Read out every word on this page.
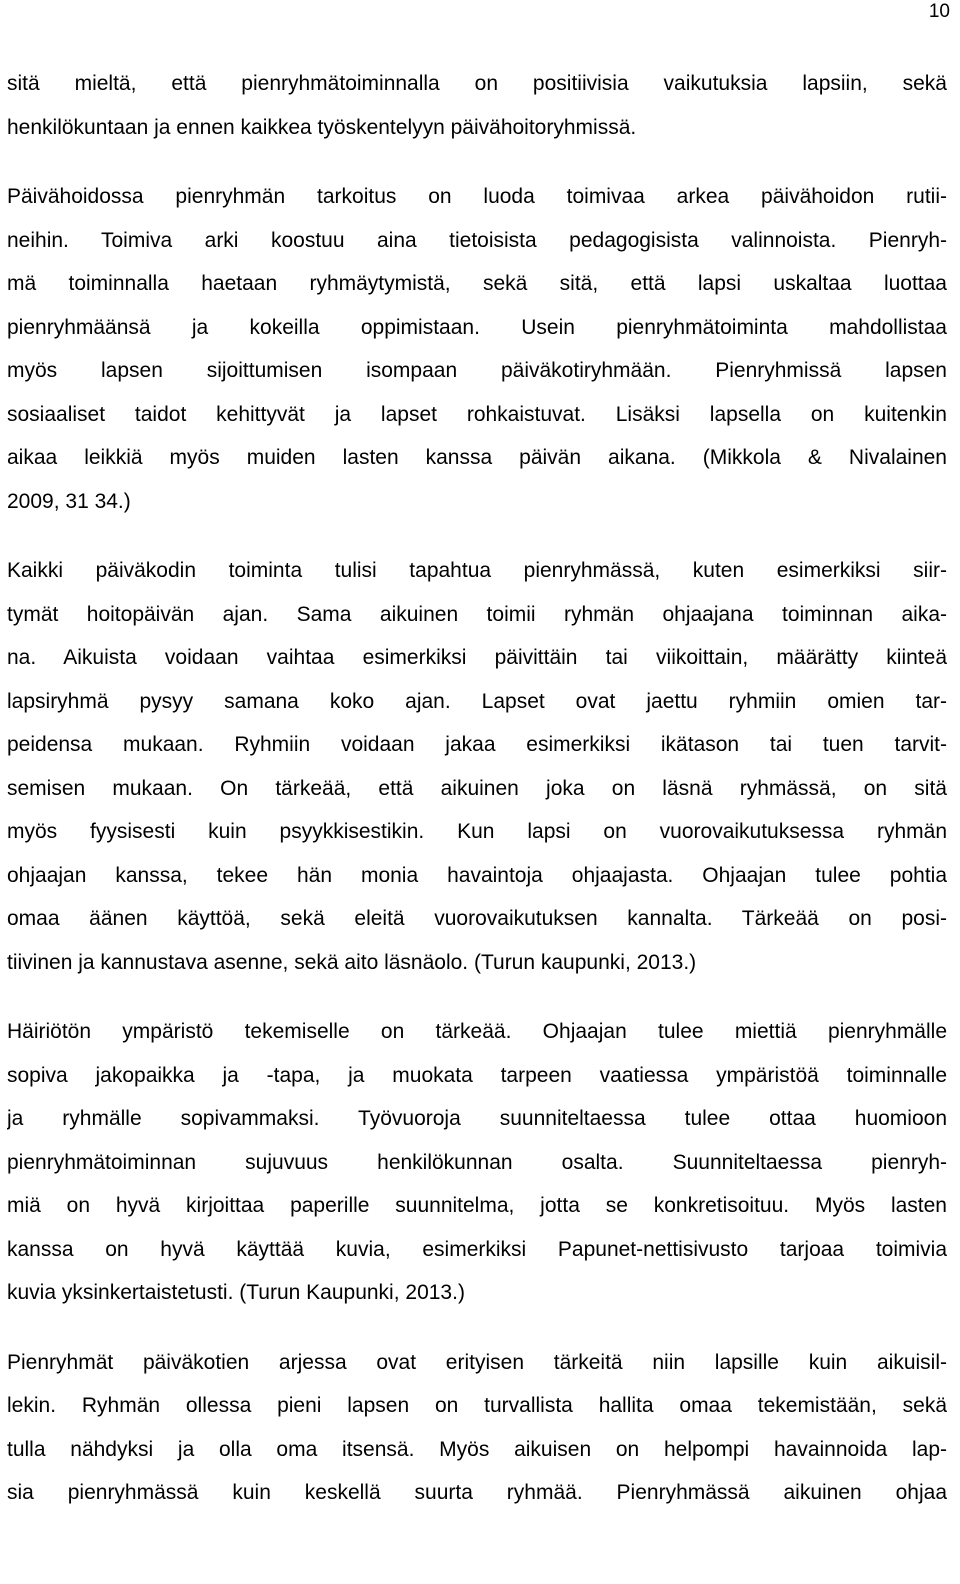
10
sitä mieltä, että pienryhmätoiminnalla on positiivisia vaikutuksia lapsiin, sekä
henkilökuntaan ja ennen kaikkea työskentelyyn päivähoitoryhmissä.
Päivähoidossa pienryhmän tarkoitus on luoda toimivaa arkea päivähoidon rutii-
neihin. Toimiva arki koostuu aina tietoisista pedagogisista valinnoista. Pienryh-
mä toiminnalla haetaan ryhmäytymistä, sekä sitä, että lapsi uskaltaa luottaa
pienryhmäänsä ja kokeilla oppimistaan. Usein pienryhmätoiminta mahdollistaa
myös lapsen sijoittumisen isompaan päiväkotiryhmään. Pienryhmissä lapsen
sosiaaliset taidot kehittyvät ja lapset rohkaistuvat. Lisäksi lapsella on kuitenkin
aikaa leikkiä myös muiden lasten kanssa päivän aikana. (Mikkola & Nivalainen
2009, 31 34.)
Kaikki päiväkodin toiminta tulisi tapahtua pienryhmässä, kuten esimerkiksi siir-
tymät hoitopäivän ajan. Sama aikuinen toimii ryhmän ohjaajana toiminnan aika-
na. Aikuista voidaan vaihtaa esimerkiksi päivittäin tai viikoittain, määrätty kiinteä
lapsiryhmä pysyy samana koko ajan. Lapset ovat jaettu ryhmiin omien tar-
peidensa mukaan. Ryhmiin voidaan jakaa esimerkiksi ikätason tai tuen tarvit-
semisen mukaan. On tärkeää, että aikuinen joka on läsnä ryhmässä, on sitä
myös fyysisesti kuin psyykkisestikin. Kun lapsi on vuorovaikutuksessa ryhmän
ohjaajan kanssa, tekee hän monia havaintoja ohjaajasta. Ohjaajan tulee pohtia
omaa äänen käyttöä, sekä eleitä vuorovaikutuksen kannalta. Tärkeää on posi-
tiivinen ja kannustava asenne, sekä aito läsnäolo. (Turun kaupunki, 2013.)
Häiriötön ympäristö tekemiselle on tärkeää. Ohjaajan tulee miettiä pienryhmälle
sopiva jakopaikka ja -tapa, ja muokata tarpeen vaatiessa ympäristöä toiminnalle
ja ryhmälle sopivammaksi. Työvuoroja suunniteltaessa tulee ottaa huomioon
pienryhmätoiminnan sujuvuus henkilökunnan osalta. Suunniteltaessa pienryh-
miä on hyvä kirjoittaa paperille suunnitelma, jotta se konkretisoituu. Myös lasten
kanssa on hyvä käyttää kuvia, esimerkiksi Papunet-nettisivusto tarjoaa toimivia
kuvia yksinkertaistetusti. (Turun Kaupunki, 2013.)
Pienryhmät päiväkotien arjessa ovat erityisen tärkeitä niin lapsille kuin aikuisil-
lekin. Ryhmän ollessa pieni lapsen on turvallista hallita omaa tekemistään, sekä
tulla nähdyksi ja olla oma itsensä. Myös aikuisen on helpompi havainnoida lap-
sia pienryhmässä kuin keskellä suurta ryhmää. Pienryhmässä aikuinen ohjaa
